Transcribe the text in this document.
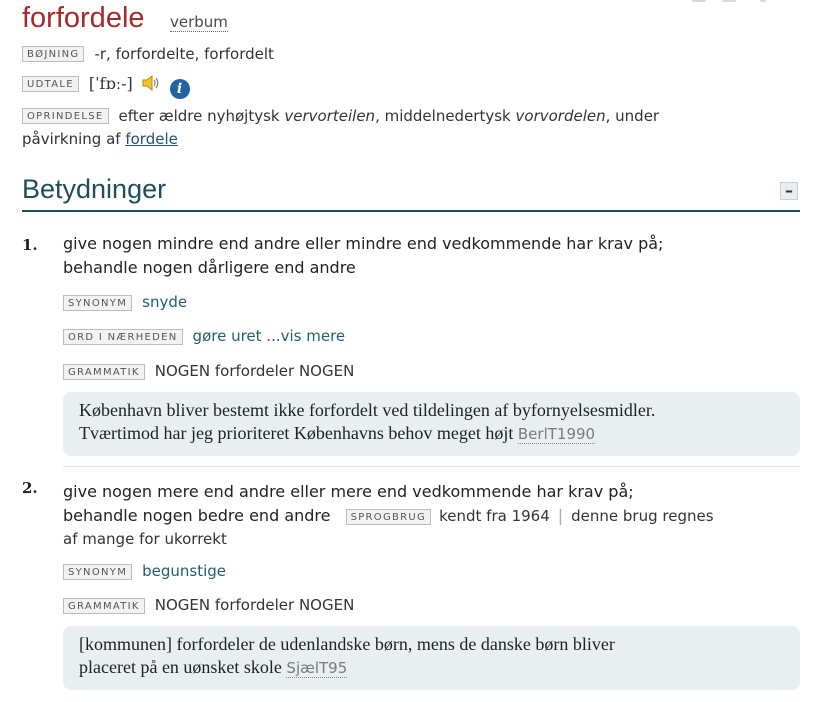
forfordele verbum
BØJNING -r, forfordelte, forfordelt
UDTALE [ˈfɒː-]	i
OPRINDELSE efter ældre nyhøjtysk vervorteilen, middelnedertysk vorvordelen, under
påvirkning af fordele
Betydninger	–
1. give nogen mindre end andre eller mindre end vedkommende har krav på;
behandle nogen dårligere end andre
SYNONYM snyde
ORD I NÆRHEDEN gøre uret ...vis mere
GRAMMATIK NOGEN forfordeler NOGEN
København bliver bestemt ikke forfordelt ved tildelingen af byfornyelsesmidler.
Tværtimod har jeg prioriteret Københavns behov meget højt BerlT1990
2. give nogen mere end andre eller mere end vedkommende har krav på;
behandle nogen bedre end andre SPROGBRUG kendt fra 1964 | denne brug regnes
af mange for ukorrekt
SYNONYM begunstige
GRAMMATIK NOGEN forfordeler NOGEN
[kommunen] forfordeler de udenlandske børn, mens de danske børn bliver
placeret på en uønsket skole SjælT95
